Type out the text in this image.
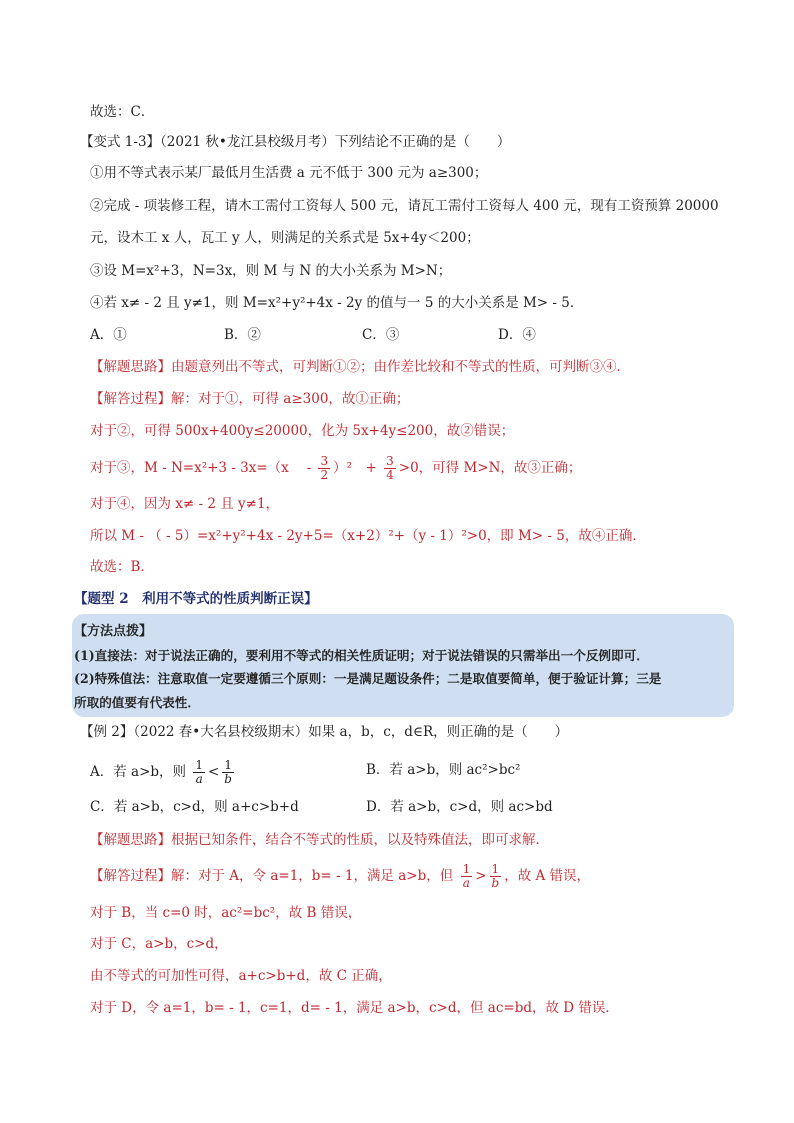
故选：C．
【变式 1-3】（2021 秋•龙江县校级月考）下列结论不正确的是（　　）
①用不等式表示某厂最低月生活费 a 元不低于 300 元为 a≥300；
②完成 - 项装修工程，请木工需付工资每人 500 元，请瓦工需付工资每人 400 元，现有工资预算 20000
元，设木工 x 人，瓦工 y 人，则满足的关系式是 5x+4y＜200；
③设 M=x²+3，N=3x，则 M 与 N 的大小关系为 M>N；
④若 x≠ - 2 且 y≠1，则 M=x²+y²+4x - 2y 的值与一 5 的大小关系是 M> - 5．
A．①	B．②	C．③	D．④
【解题思路】由题意列出不等式，可判断①②；由作差比较和不等式的性质，可判断③④．
【解答过程】解：对于①，可得 a≥300，故①正确；
对于②，可得 500x+400y≤20000，化为 5x+4y≤200，故②错误；
对于③，M - N=x²+3 - 3x=（x　 - $\frac{3}{2} )^2$　+ $\frac{3}{4} >0$，可得 M>N，故③正确；
对于④，因为 x≠ - 2 且 y≠1，
所以 M - （ - 5）=x²+y²+4x - 2y+5=（x+2）²+（y - 1）²>0，即 M> - 5，故④正确．
故选：B．
【题型 2　利用不等式的性质判断正误】
【方法点拨】
(1)直接法：对于说法正确的，要利用不等式的相关性质证明；对于说法错误的只需举出一个反例即可．
(2)特殊值法：注意取值一定要遵循三个原则：一是满足题设条件；二是取值要简单，便于验证计算；三是
所取的值要有代表性．
【例 2】（2022 春•大名县校级期末）如果 a，b，c，d∈R，则正确的是（　　）
A．若 a>b，则 $\frac{1}{a} < \frac{1}{b}$	B．若 a>b，则 ac²>bc²
C．若 a>b，c>d，则 a+c>b+d	D．若 a>b，c>d，则 ac>bd
【解题思路】根据已知条件，结合不等式的性质，以及特殊值法，即可求解．
【解答过程】解：对于 A，令 a=1，b= - 1，满足 a>b，但 $\frac{1}{a} > \frac{1}{b}$ ，故 A 错误，
对于 B，当 c=0 时，ac²=bc²，故 B 错误，
对于 C，a>b，c>d，
由不等式的可加性可得，a+c>b+d，故 C 正确，
对于 D，令 a=1，b= - 1，c=1，d= - 1，满足 a>b，c>d，但 ac=bd，故 D 错误．
